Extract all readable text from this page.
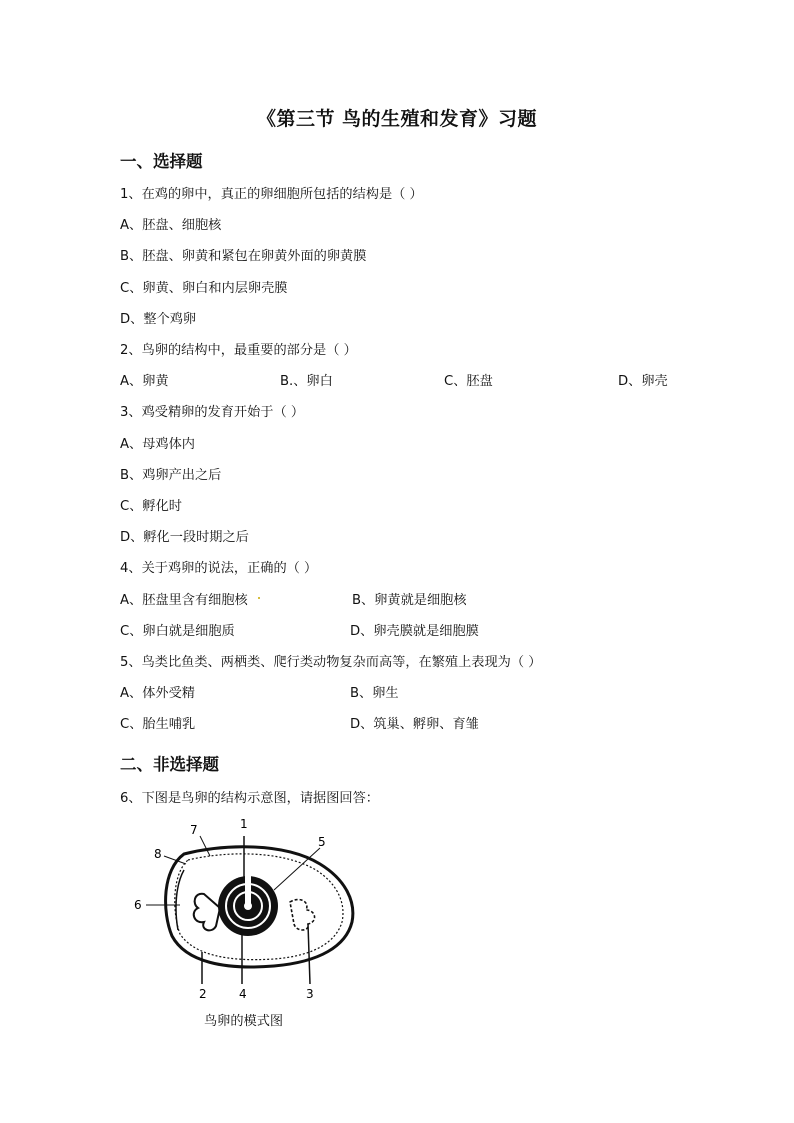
《第三节 鸟的生殖和发育》习题
一、选择题
1、在鸡的卵中，真正的卵细胞所包括的结构是（ ）
A、胚盘、细胞核
B、胚盘、卵黄和紧包在卵黄外面的卵黄膜
C、卵黄、卵白和内层卵壳膜
D、整个鸡卵
2、鸟卵的结构中，最重要的部分是（ ）
A、卵黄	B.、卵白	C、胚盘	D、卵壳
3、鸡受精卵的发育开始于（ ）
A、母鸡体内
B、鸡卵产出之后
C、孵化时
D、孵化一段时期之后
4、关于鸡卵的说法，正确的（ ）
A、胚盘里含有细胞核	B、卵黄就是细胞核
C、卵白就是细胞质	D、卵壳膜就是细胞膜
5、鸟类比鱼类、两栖类、爬行类动物复杂而高等，在繁殖上表现为（ ）
A、体外受精	B、卵生
C、胎生哺乳	D、筑巢、孵卵、育雏
二、非选择题
6、下图是鸟卵的结构示意图，请据图回答：
1
2	3
4
5
6
7
8
鸟卵的模式图
